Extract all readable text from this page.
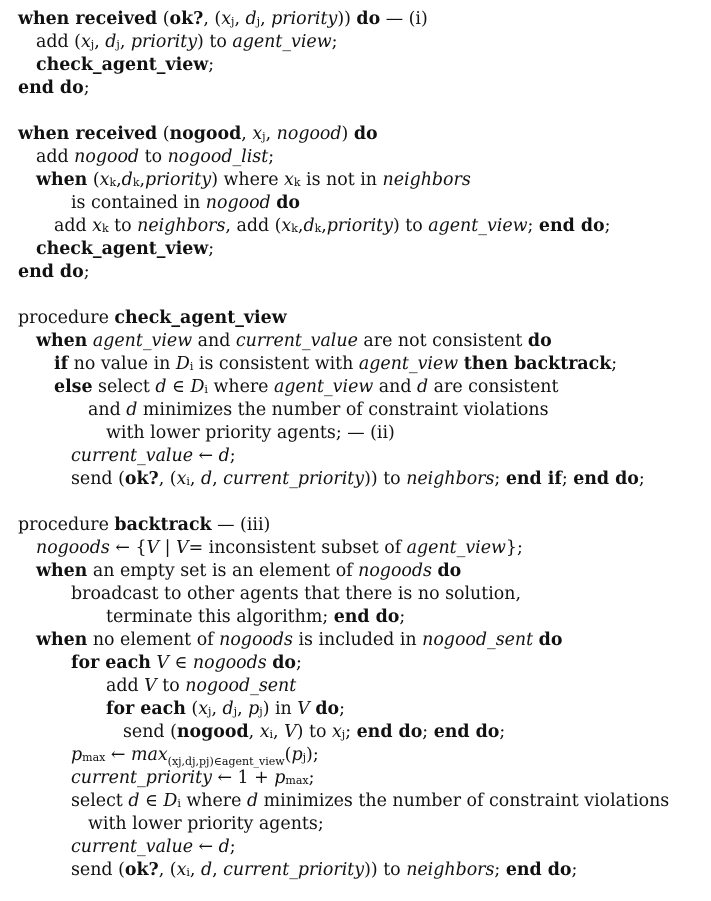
when received (ok?, ($x_j$, $d_j$, priority)) do — (i)
add ($x_j$, $d_j$, priority) to agent_view;
check_agent_view;
end do;
when received (nogood, $x_j$, nogood) do
add nogood to nogood_list;
when $(x_k,d_k,priority)$ where $x_k$ is not in neighbors
is contained in nogood do
add $x_k$ to neighbors, add $(x_k,d_k,priority)$ to agent_view; end do;
check_agent_view;
end do;
procedure check_agent_view
when agent_view and current_value are not consistent do
if no value in $D_i$ is consistent with agent_view then backtrack;
else select d ∈ $D_i$ where agent_view and d are consistent
and d minimizes the number of constraint violations
with lower priority agents; — (ii)
current_value ← d;
send (ok?, ($x_i$, d, current_priority)) to neighbors; end if; end do;
procedure backtrack — (iii)
nogoods ← {V | V= inconsistent subset of agent_view};
when an empty set is an element of nogoods do
broadcast to other agents that there is no solution,
terminate this algorithm; end do;
when no element of nogoods is included in nogood_sent do
for each V ∈ nogoods do;
add V to nogood_sent
for each ($x_j$, $d_j$, $p_j$) in V do;
send (nogood, $x_i$, V) to $x_j$; end do; end do;
$p_{max}$ ← $\max_{(xj,dj,pj)\in agent\_view}(p_j)$;
current_priority ← $1 + p_{max}$;
select d ∈ $D_i$ where d minimizes the number of constraint violations
with lower priority agents;
current_value ← d;
send (ok?, ($x_i$, d, current_priority)) to neighbors; end do;
